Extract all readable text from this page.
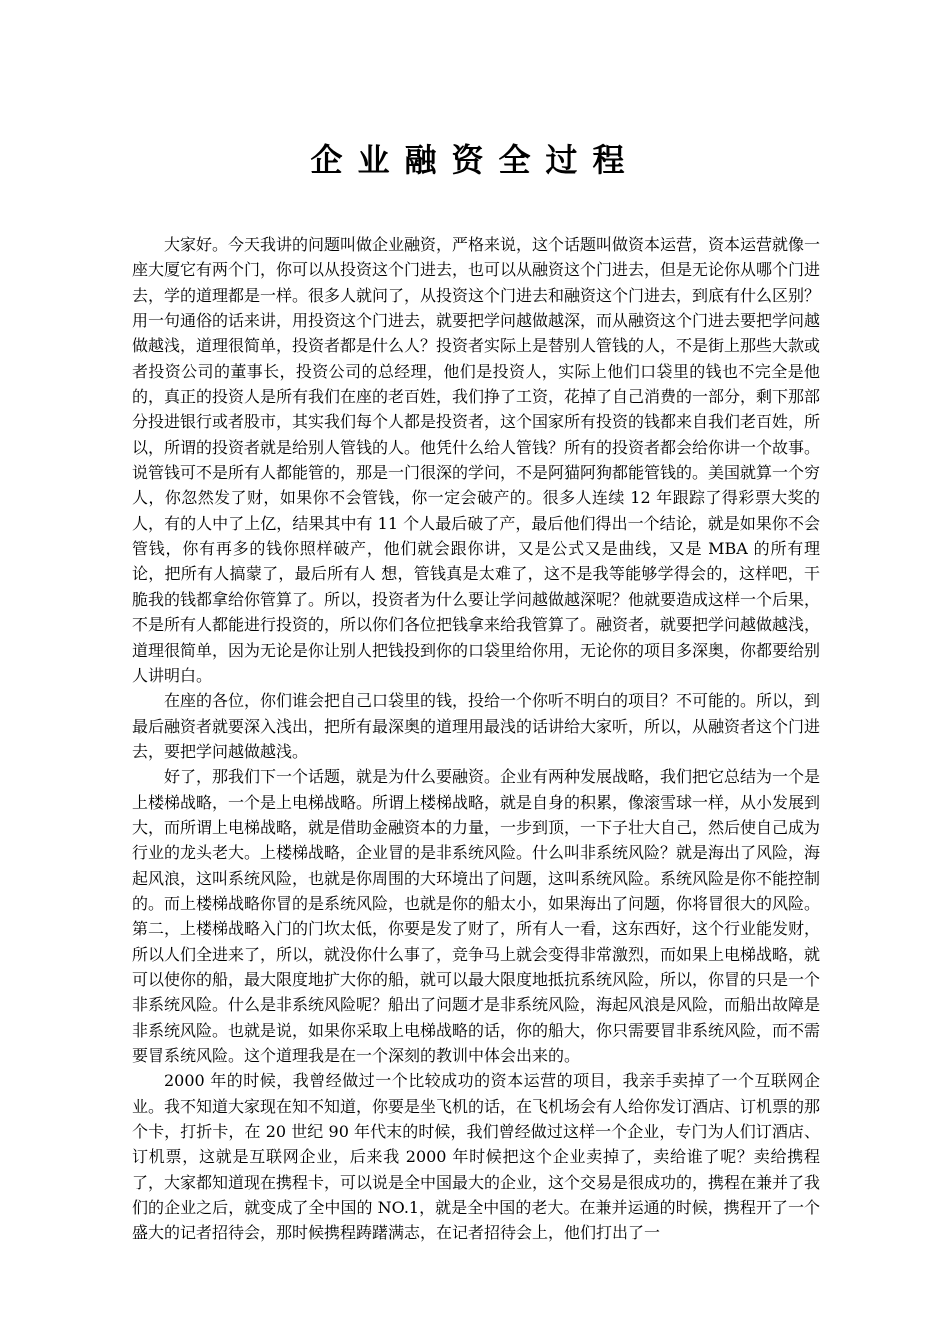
企业融资全过程

大家好。今天我讲的问题叫做企业融资，严格来说，这个话题叫做资本运营，资本运营就像一座大厦它有两个门，你可以从投资这个门进去，也可以从融资这个门进去，但是无论你从哪个门进去，学的道理都是一样。很多人就问了，从投资这个门进去和融资这个门进去，到底有什么区别？用一句通俗的话来讲，用投资这个门进去，就要把学问越做越深，而从融资这个门进去要把学问越做越浅，道理很简单，投资者都是什么人？投资者实际上是替别人管钱的人，不是街上那些大款或者投资公司的董事长，投资公司的总经理，他们是投资人，实际上他们口袋里的钱也不完全是他的，真正的投资人是所有我们在座的老百姓，我们挣了工资，花掉了自己消费的一部分，剩下那部分投进银行或者股市，其实我们每个人都是投资者，这个国家所有投资的钱都来自我们老百姓，所以，所谓的投资者就是给别人管钱的人。他凭什么给人管钱？所有的投资者都会给你讲一个故事。说管钱可不是所有人都能管的，那是一门很深的学问，不是阿猫阿狗都能管钱的。美国就算一个穷人，你忽然发了财，如果你不会管钱，你一定会破产的。很多人连续 12 年跟踪了得彩票大奖的人，有的人中了上亿，结果其中有 11 个人最后破了产，最后他们得出一个结论，就是如果你不会管钱，你有再多的钱你照样破产，他们就会跟你讲，又是公式又是曲线，又是 MBA 的所有理论，把所有人搞蒙了，最后所有人 想，管钱真是太难了，这不是我等能够学得会的，这样吧，干脆我的钱都拿给你管算了。所以，投资者为什么要让学问越做越深呢？他就要造成这样一个后果，不是所有人都能进行投资的，所以你们各位把钱拿来给我管算了。融资者，就要把学问越做越浅，道理很简单，因为无论是你让别人把钱投到你的口袋里给你用，无论你的项目多深奥，你都要给别人讲明白。

在座的各位，你们谁会把自己口袋里的钱，投给一个你听不明白的项目？不可能的。所以，到最后融资者就要深入浅出，把所有最深奥的道理用最浅的话讲给大家听，所以，从融资者这个门进去，要把学问越做越浅。

好了，那我们下一个话题，就是为什么要融资。企业有两种发展战略，我们把它总结为一个是上楼梯战略，一个是上电梯战略。所谓上楼梯战略，就是自身的积累，像滚雪球一样，从小发展到大，而所谓上电梯战略，就是借助金融资本的力量，一步到顶，一下子壮大自己，然后使自己成为行业的龙头老大。上楼梯战略，企业冒的是非系统风险。什么叫非系统风险？就是海出了风险，海起风浪，这叫系统风险，也就是你周围的大环境出了问题，这叫系统风险。系统风险是你不能控制的。而上楼梯战略你冒的是系统风险，也就是你的船太小，如果海出了问题，你将冒很大的风险。第二，上楼梯战略入门的门坎太低，你要是发了财了，所有人一看，这东西好，这个行业能发财，所以人们全进来了，所以，就没你什么事了，竞争马上就会变得非常激烈，而如果上电梯战略，就可以使你的船，最大限度地扩大你的船，就可以最大限度地抵抗系统风险，所以，你冒的只是一个非系统风险。什么是非系统风险呢？船出了问题才是非系统风险，海起风浪是风险，而船出故障是非系统风险。也就是说，如果你采取上电梯战略的话，你的船大，你只需要冒非系统风险，而不需要冒系统风险。这个道理我是在一个深刻的教训中体会出来的。

2000 年的时候，我曾经做过一个比较成功的资本运营的项目，我亲手卖掉了一个互联网企业。我不知道大家现在知不知道，你要是坐飞机的话，在飞机场会有人给你发订酒店、订机票的那个卡，打折卡，在 20 世纪 90 年代末的时候，我们曾经做过这样一个企业，专门为人们订酒店、订机票，这就是互联网企业，后来我 2000 年时候把这个企业卖掉了，卖给谁了呢？卖给携程了，大家都知道现在携程卡，可以说是全中国最大的企业，这个交易是很成功的，携程在兼并了我们的企业之后，就变成了全中国的 NO.1，就是全中国的老大。在兼并运通的时候，携程开了一个盛大的记者招待会，那时候携程踌躇满志，在记者招待会上，他们打出了一
